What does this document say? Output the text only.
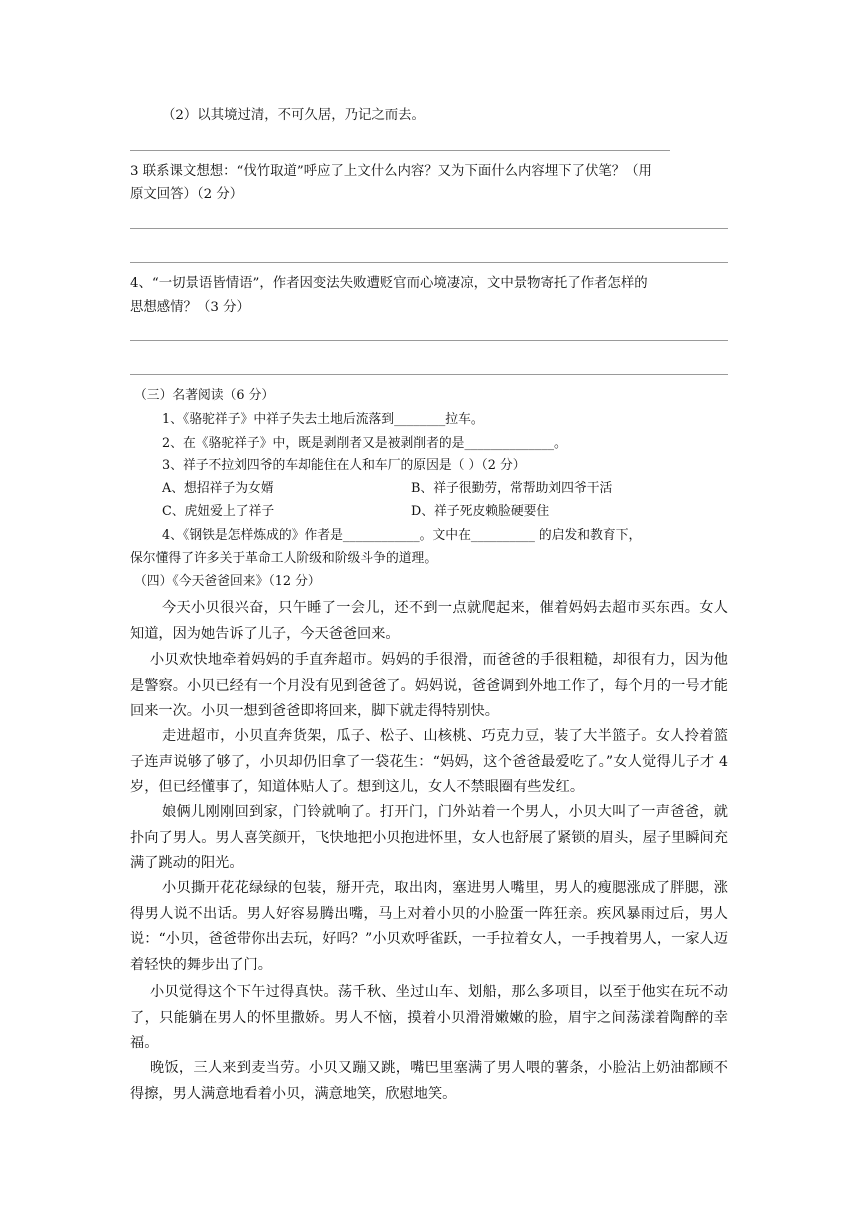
（2）以其境过清，不可久居，乃记之而去。
3 联系课文想想：“伐竹取道”呼应了上文什么内容？又为下面什么内容埋下了伏笔？（用
原文回答）（2 分）
4、“一切景语皆情语”，作者因变法失败遭贬官而心境凄凉，文中景物寄托了作者怎样的
思想感情？（3 分）
（三）名著阅读（6 分）
1、《骆驼祥子》中祥子失去土地后流落到________拉车。
2、在《骆驼祥子》中，既是剥削者又是被剥削者的是______________。
3、祥子不拉刘四爷的车却能住在人和车厂的原因是（ ）（2 分）
A、想招祥子为女婿	B、祥子很勤劳，常帮助刘四爷干活
C、虎妞爱上了祥子	D、祥子死皮赖脸硬要住
4、《钢铁是怎样炼成的》作者是____________。文中在__________ 的启发和教育下，
保尔懂得了许多关于革命工人阶级和阶级斗争的道理。
（四）《今天爸爸回来》（12 分）
今天小贝很兴奋，只午睡了一会儿，还不到一点就爬起来，催着妈妈去超市买东西。女人知道，因为她告诉了儿子，今天爸爸回来。
小贝欢快地牵着妈妈的手直奔超市。妈妈的手很滑，而爸爸的手很粗糙，却很有力，因为他是警察。小贝已经有一个月没有见到爸爸了。妈妈说，爸爸调到外地工作了，每个月的一号才能回来一次。小贝一想到爸爸即将回来，脚下就走得特别快。
走进超市，小贝直奔货架，瓜子、松子、山核桃、巧克力豆，装了大半篮子。女人拎着篮子连声说够了够了，小贝却仍旧拿了一袋花生：“妈妈，这个爸爸最爱吃了。”女人觉得儿子才 4 岁，但已经懂事了，知道体贴人了。想到这儿，女人不禁眼圈有些发红。
娘俩儿刚刚回到家，门铃就响了。打开门，门外站着一个男人，小贝大叫了一声爸爸，就扑向了男人。男人喜笑颜开，飞快地把小贝抱进怀里，女人也舒展了紧锁的眉头，屋子里瞬间充满了跳动的阳光。
小贝撕开花花绿绿的包装，掰开壳，取出肉，塞进男人嘴里，男人的瘦腮涨成了胖腮，涨得男人说不出话。男人好容易腾出嘴，马上对着小贝的小脸蛋一阵狂亲。疾风暴雨过后，男人说：“小贝，爸爸带你出去玩，好吗？”小贝欢呼雀跃，一手拉着女人，一手拽着男人，一家人迈着轻快的舞步出了门。
小贝觉得这个下午过得真快。荡千秋、坐过山车、划船，那么多项目，以至于他实在玩不动了，只能躺在男人的怀里撒娇。男人不恼，摸着小贝滑滑嫩嫩的脸，眉宇之间荡漾着陶醉的幸福。
晚饭，三人来到麦当劳。小贝又蹦又跳，嘴巴里塞满了男人喂的薯条，小脸沾上奶油都顾不得擦，男人满意地看着小贝，满意地笑，欣慰地笑。
